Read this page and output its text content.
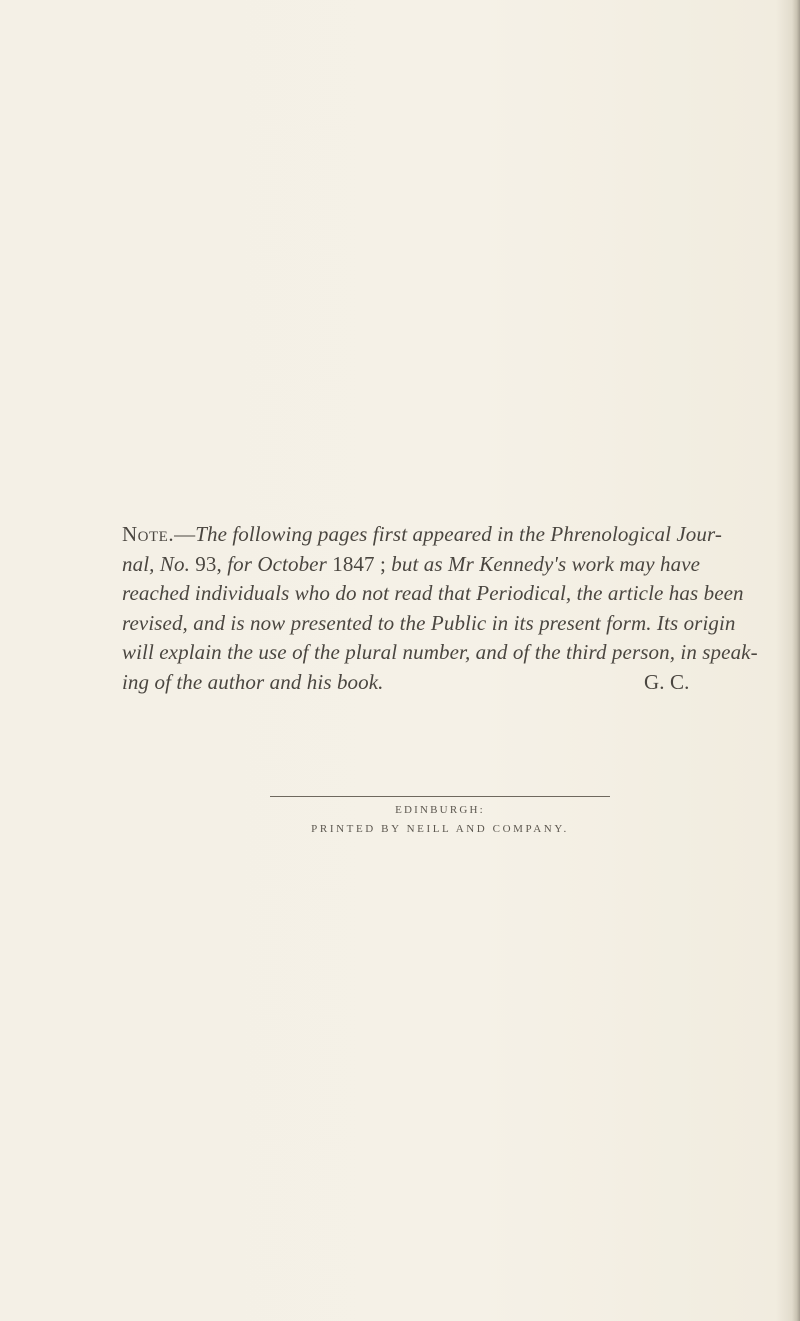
Note.—The following pages first appeared in the Phrenological Jour-
nal, No. 93, for October 1847 ; but as Mr Kennedy's work may have
reached individuals who do not read that Periodical, the article has been
revised, and is now presented to the Public in its present form. Its origin
will explain the use of the plural number, and of the third person, in speak-
ing of the author and his book.	G. C.
EDINBURGH:
PRINTED BY NEILL AND COMPANY.
